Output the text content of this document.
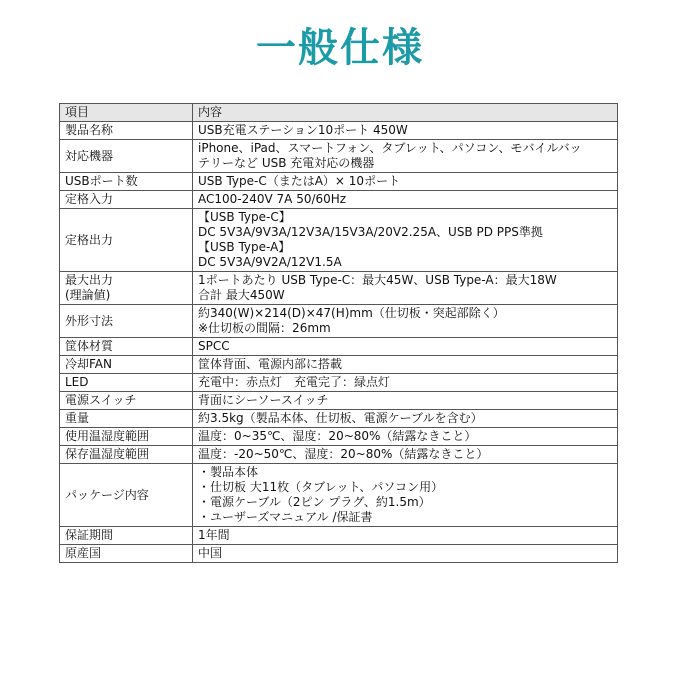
一般仕様
項目	内容

製品名称	USB充電ステーション10ポート 450W

対応機器	iPhone、iPad、スマートフォン、タブレット、パソコン、モバイルバッ
テリーなど USB 充電対応の機器

USBポート数	USB Type-C（またはA）× 10ポート

定格入力	AC100-240V 7A 50/60Hz

定格出力	【USB Type-C】
DC 5V3A/9V3A/12V3A/15V3A/20V2.25A、USB PD PPS準拠
【USB Type-A】
DC 5V3A/9V2A/12V1.5A

最大出力
(理論値)	1ポートあたり USB Type-C：最大45W、USB Type-A：最大18W
合計 最大450W

外形寸法	約340(W)×214(D)×47(H)mm（仕切板・突起部除く）
※仕切板の間隔：26mm

筐体材質	SPCC

冷却FAN	筐体背面、電源内部に搭載

LED	充電中：赤点灯　充電完了：緑点灯

電源スイッチ	背面にシーソースイッチ

重量	約3.5kg（製品本体、仕切板、電源ケーブルを含む）

使用温湿度範囲	温度：0~35℃、湿度：20~80%（結露なきこと）

保存温湿度範囲	温度：-20~50℃、湿度：20~80%（結露なきこと）

パッケージ内容	・製品本体
・仕切板 大11枚（タブレット、パソコン用）
・電源ケーブル（2ピン プラグ、約1.5m）
・ユーザーズマニュアル /保証書

保証期間	1年間

原産国	中国
